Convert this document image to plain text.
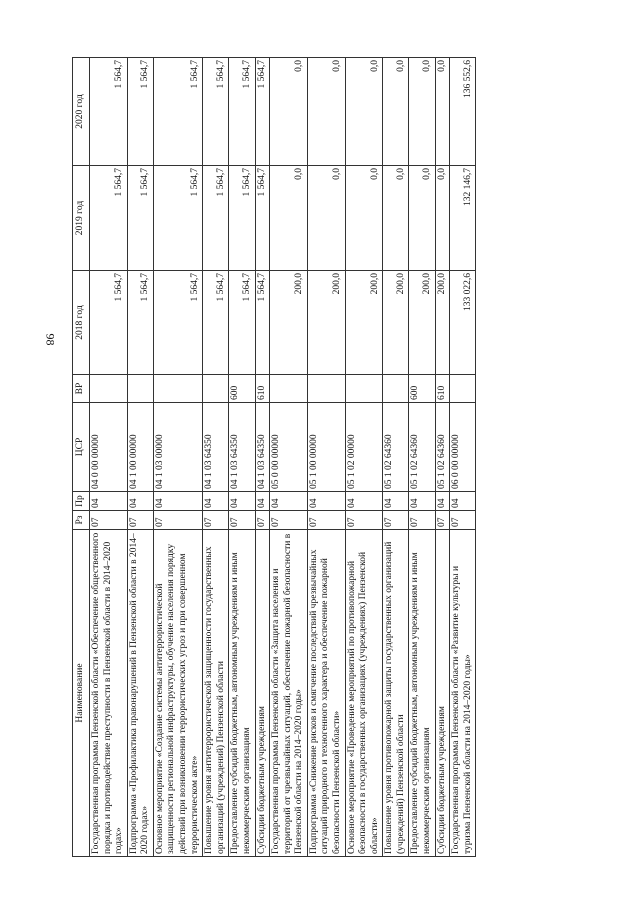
98
Наименование	Рз	Пр	ЦСР	ВР	2018 год	2019 год	2020 год
Государственная программа Пензенской области «Обеспечение общественного порядка и противодействие преступности в Пензенской области в 2014–2020 годах»	07	04	04 0 00 00000		1 564,7	1 564,7	1 564,7
Подпрограмма «Профилактика правонарушений в Пензенской области в 2014–2020 годах»	07	04	04 1 00 00000		1 564,7	1 564,7	1 564,7
Основное мероприятие «Создание системы антитеррористической защищенности региональной инфраструктуры, обучение населения порядку действий при возникновении террористических угроз и при совершенном террористическом акте»	07	04	04 1 03 00000		1 564,7	1 564,7	1 564,7
Повышение уровня антитеррористической защищенности государственных организаций (учреждений) Пензенской области	07	04	04 1 03 64350		1 564,7	1 564,7	1 564,7
Предоставление субсидий бюджетным, автономным учреждениям и иным некоммерческим организациям	07	04	04 1 03 64350	600	1 564,7	1 564,7	1 564,7
Субсидии бюджетным учреждениям	07	04	04 1 03 64350	610	1 564,7	1 564,7	1 564,7
Государственная программа Пензенской области «Защита населения и территорий от чрезвычайных ситуаций, обеспечение пожарной безопасности в Пензенской области на 2014–2020 годы»	07	04	05 0 00 00000		200,0	0,0	0,0
Подпрограмма «Снижение рисков и смягчение последствий чрезвычайных ситуаций природного и техногенного характера и обеспечение пожарной безопасности Пензенской области»	07	04	05 1 00 00000		200,0	0,0	0,0
Основное мероприятие «Проведение мероприятий по противопожарной безопасности в государственных организациях (учреждениях) Пензенской области»	07	04	05 1 02 00000		200,0	0,0	0,0
Повышение уровня противопожарной защиты государственных организаций (учреждений) Пензенской области	07	04	05 1 02 64360		200,0	0,0	0,0
Предоставление субсидий бюджетным, автономным учреждениям и иным некоммерческим организациям	07	04	05 1 02 64360	600	200,0	0,0	0,0
Субсидии бюджетным учреждениям	07	04	05 1 02 64360	610	200,0	0,0	0,0
Государственная программа Пензенской области «Развитие культуры и туризма Пензенской области на 2014–2020 годы»	07	04	06 0 00 00000		133 022,6	132 146,7	136 552,6
